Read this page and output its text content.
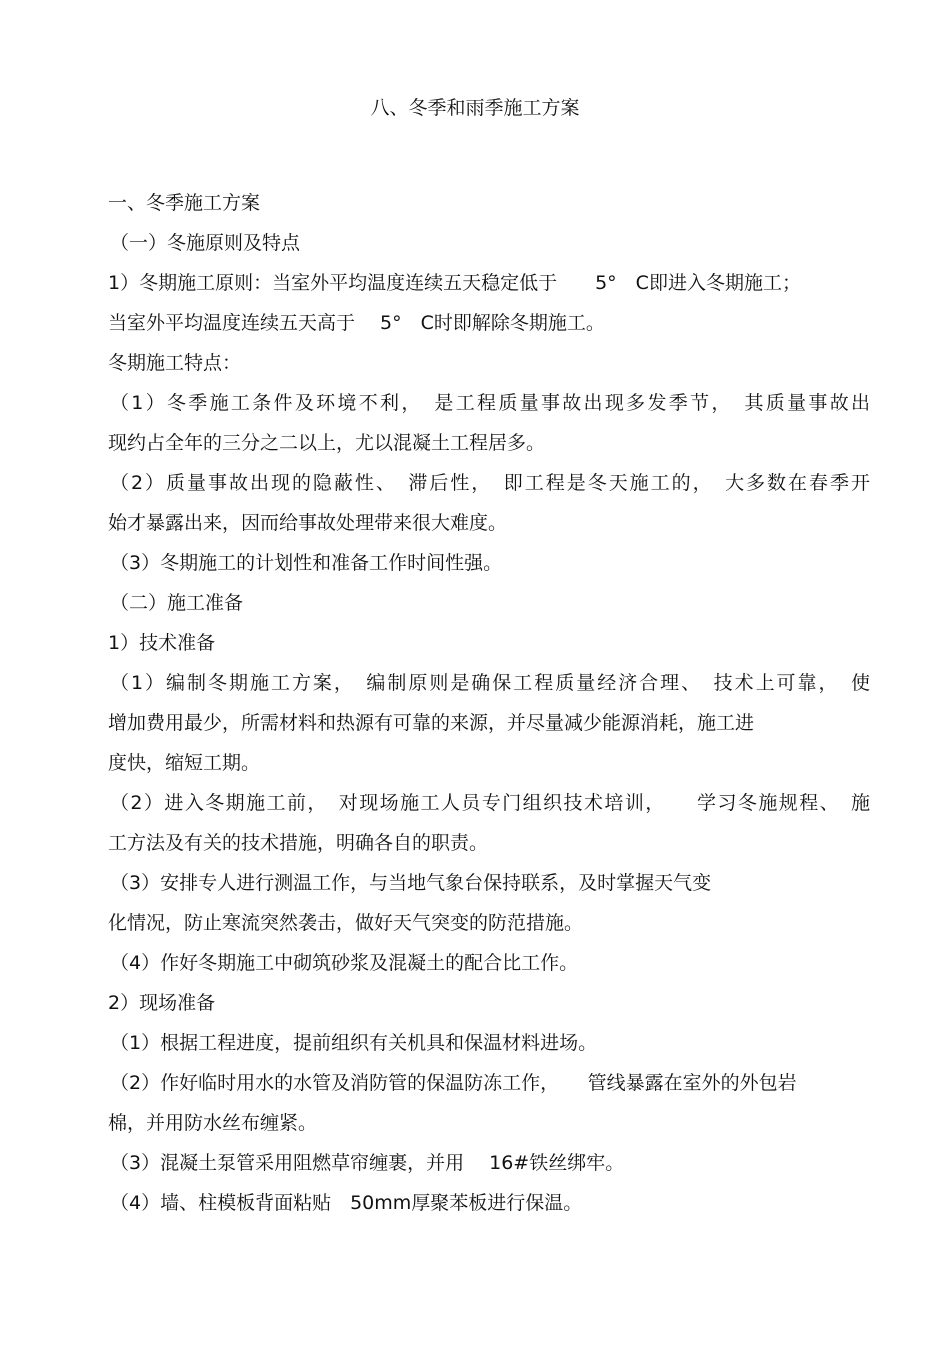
八、冬季和雨季施工方案
一、冬季施工方案
（一）冬施原则及特点
1）冬期施工原则：当室外平均温度连续五天稳定低于　　5°　C即进入冬期施工；
当室外平均温度连续五天高于　 5°　C时即解除冬期施工。
冬期施工特点：
（1）冬季施工条件及环境不利，　是工程质量事故出现多发季节，　其质量事故出
现约占全年的三分之二以上，尤以混凝土工程居多。
（2）质量事故出现的隐蔽性、　滞后性，　即工程是冬天施工的，　大多数在春季开
始才暴露出来，因而给事故处理带来很大难度。
（3）冬期施工的计划性和准备工作时间性强。
（二）施工准备
1）技术准备
（1）编制冬期施工方案，　编制原则是确保工程质量经济合理、　技术上可靠，　使
增加费用最少，所需材料和热源有可靠的来源，并尽量减少能源消耗，施工进
度快，缩短工期。
（2）进入冬期施工前，　对现场施工人员专门组织技术培训，　　学习冬施规程、　施
工方法及有关的技术措施，明确各自的职责。
（3）安排专人进行测温工作，与当地气象台保持联系，及时掌握天气变
化情况，防止寒流突然袭击，做好天气突变的防范措施。
（4）作好冬期施工中砌筑砂浆及混凝土的配合比工作。
2）现场准备
（1）根据工程进度，提前组织有关机具和保温材料进场。
（2）作好临时用水的水管及消防管的保温防冻工作，　　管线暴露在室外的外包岩
棉，并用防水丝布缠紧。
（3）混凝土泵管采用阻燃草帘缠裹，并用　 16#铁丝绑牢。
（4）墙、柱模板背面粘贴　50mm厚聚苯板进行保温。
